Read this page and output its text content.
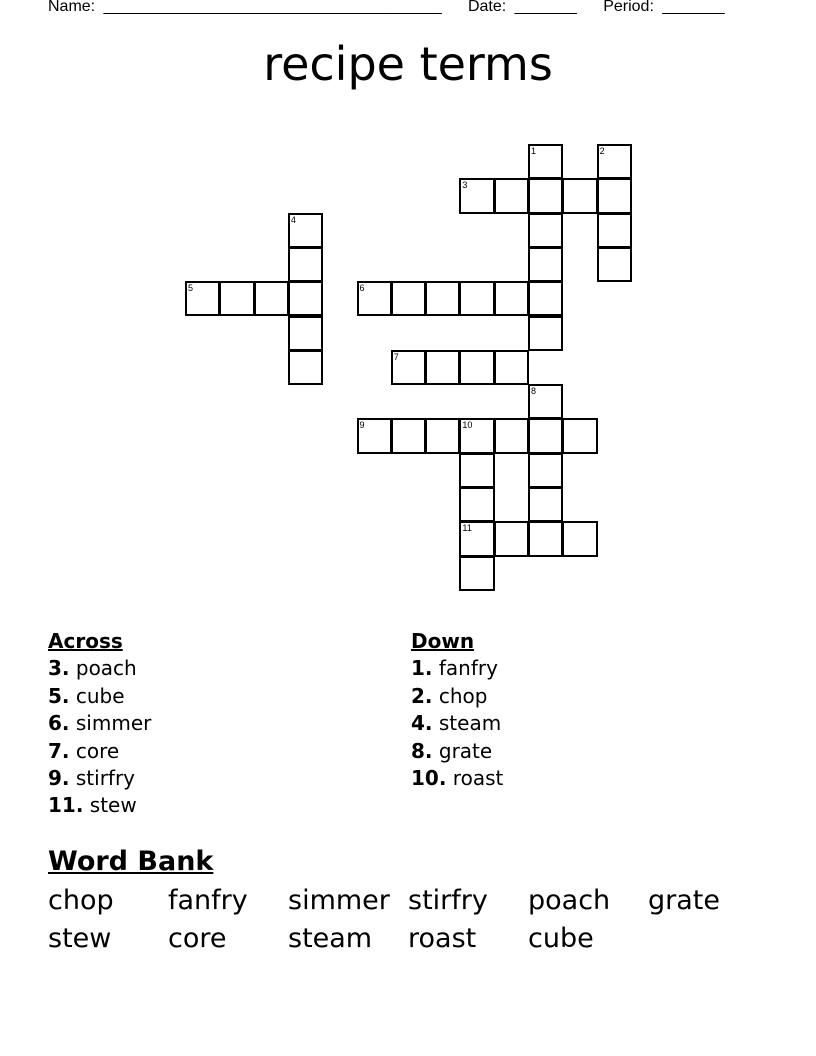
Name: ______________________________________ Date: _______ Period: _______
recipe terms
1	2
3
4
5	6
7
8
9	10
11
Across
3. poach
5. cube
6. simmer
7. core
9. stirfry
11. stew
Down
1. fanfry
2. chop
4. steam
8. grate
10. roast
Word Bank
chop	fanfry	simmer stirfry	poach	grate
stew	core	steam	roast	cube
